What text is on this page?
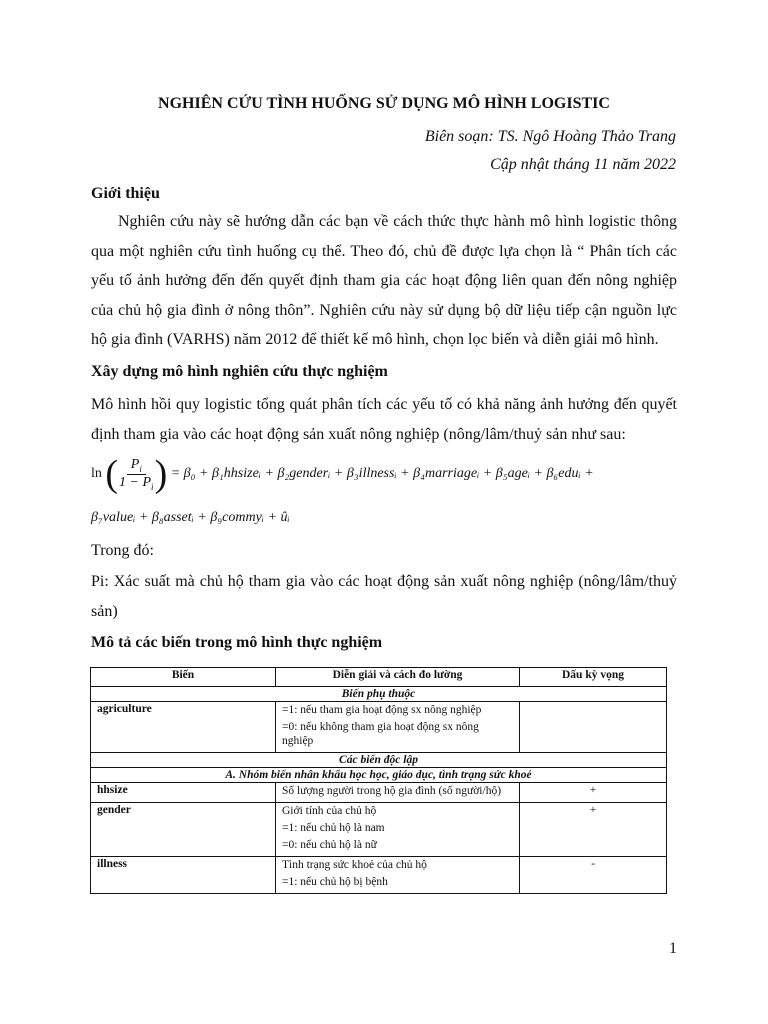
NGHIÊN CỨU TÌNH HUỐNG SỬ DỤNG MÔ HÌNH LOGISTIC
Biên soạn: TS. Ngô Hoàng Thảo Trang
Cập nhật tháng 11 năm 2022
Giới thiệu
Nghiên cứu này sẽ hướng dẫn các bạn về cách thức thực hành mô hình logistic thông qua một nghiên cứu tình huống cụ thể. Theo đó, chủ đề được lựa chọn là “ Phân tích các yếu tố ảnh hưởng đến đến quyết định tham gia các hoạt động liên quan đến nông nghiệp của chủ hộ gia đình ở nông thôn”. Nghiên cứu này sử dụng bộ dữ liệu tiếp cận nguồn lực hộ gia đình (VARHS) năm 2012 để thiết kế mô hình, chọn lọc biến và diễn giải mô hình.
Xây dựng mô hình nghiên cứu thực nghiệm
Mô hình hồi quy logistic tổng quát phân tích các yếu tố có khả năng ảnh hưởng đến quyết định tham gia vào các hoạt động sản xuất nông nghiệp (nông/lâm/thuỷ sản như sau:
ln ( $\frac{P_i}{1 - P_i}$ ) = β₀ + β₁hhsizeᵢ + β₂genderᵢ + β₃illnessᵢ + β₄marriageᵢ + β₅ageᵢ + β₆eduᵢ +
β₇valueᵢ + β₈assetᵢ + β₉commyᵢ + ûᵢ
Trong đó:
Pi: Xác suất mà chủ hộ tham gia vào các hoạt động sản xuất nông nghiệp (nông/lâm/thuỷ sản)
Mô tả các biến trong mô hình thực nghiệm
Biến	Diễn giải và cách đo lường	Dấu kỳ vọng
Biến phụ thuộc		
agriculture	=1: nếu tham gia hoạt động sx nông nghiệp
=0: nếu không tham gia hoạt động sx nông nghiệp	

Các biến độc lập		
A. Nhóm biến nhân khẩu học học, giáo dục, tình trạng sức khoẻ		
hhsize	Số lượng người trong hộ gia đình (số người/hộ)	+
gender	Giới tính của chủ hộ
=1: nếu chủ hộ là nam
=0: nếu chủ hộ là nữ	+
illness	Tình trạng sức khoẻ của chủ hộ
=1: nếu chủ hộ bị bệnh	-
1
